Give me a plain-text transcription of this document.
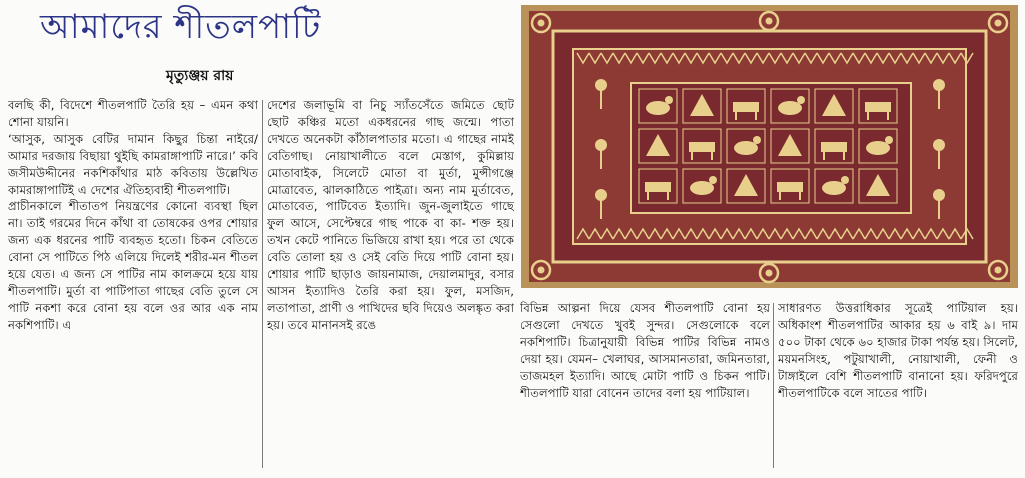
আমাদের শীতলপাটি
মৃত্যুঞ্জয় রায়

বলছি কী, বিদেশে শীতলপাটি তৈরি হয় – এমন কথা শোনা যায়নি।

‘আসুক, আসুক বেটির দামান কিছুর চিন্তা নাইরে/আমার দরজায় বিছায়া থুইছি কামরাঙ্গাপাটি নারে।’ কবি জসীমউদ্দীনের নকশিকাঁথার মাঠ কবিতায় উল্লেখিত কামরাঙ্গাপাটিই এ দেশের ঐতিহ্যবাহী শীতলপাটি।

প্রাচীনকালে শীতাতপ নিয়ন্ত্রণের কোনো ব্যবস্থা ছিল না। তাই গরমের দিনে কাঁথা বা তোষকের ওপর শোয়ার জন্য এক ধরনের পাটি ব্যবহৃত হতো। চিকন বেতিতে বোনা সে পাটিতে পিঠ এলিয়ে দিলেই শরীর-মন শীতল হয়ে যেত। এ জন্য সে পাটির নাম কালক্রমে হয়ে যায় শীতলপাটি। মুর্তা বা পাটিপাতা গাছের বেতি তুলে সে পাটি নকশা করে বোনা হয় বলে ওর আর এক নাম নকশিপাটি। এ

দেশের জলাভূমি বা নিচু স্যাঁতসেঁতে জমিতে ছোট ছোট কঞ্চির মতো একধরনের গাছ জন্মে। পাতা দেখতে অনেকটা কাঁঠালপাতার মতো। এ গাছের নামই বেতিগাছ। নোয়াখালীতে বলে মেস্তাগ, কুমিল্লায় মোতাবাইক, সিলেটে মোতা বা মুর্তা, মুন্সীগঞ্জে মোত্রাবেত, ঝালকাঠিতে পাইত্রা। অন্য নাম মুর্তাবেত, মোতাবেত, পাটিবেত ইত্যাদি। জুন-জুলাইতে গাছে ফুল আসে, সেপ্টেম্বরে গাছ পাকে বা কা- শক্ত হয়। তখন কেটে পানিতে ভিজিয়ে রাখা হয়। পরে তা থেকে বেতি তোলা হয় ও সেই বেতি দিয়ে পাটি বোনা হয়। শোয়ার পাটি ছাড়াও জায়নামাজ, দেয়ালমাদুর, বসার আসন ইত্যাদিও তৈরি করা হয়। ফুল, মসজিদ, লতাপাতা, প্রাণী ও পাখিদের ছবি দিয়েও অলঙ্কৃত করা হয়। তবে মানানসই রঙে

বিভিন্ন আল্পনা দিয়ে যেসব শীতলপাটি বোনা হয় সেগুলো দেখতে খুবই সুন্দর। সেগুলোকে বলে নকশিপাটি। চিত্রানুযায়ী বিভিন্ন পাটির বিভিন্ন নামও দেয়া হয়। যেমন– খেলাঘর, আসমানতারা, জমিনতারা, তাজমহল ইত্যাদি। আছে মোটা পাটি ও চিকন পাটি। শীতলপাটি যারা বোনেন তাদের বলা হয় পাটিয়াল।

সাধারণত উত্তরাধিকার সূত্রেই পাটিয়াল হয়। অধিকাংশ শীতলপাটির আকার হয় ৬ বাই ৯। দাম ৫০০ টাকা থেকে ৬০ হাজার টাকা পর্যন্ত হয়। সিলেট, ময়মনসিংহ, পটুয়াখালী, নোয়াখালী, ফেনী ও টাঙ্গাইলে বেশি শীতলপাটি বানানো হয়। ফরিদপুরে শীতলপাটিকে বলে সাতের পাটি।
